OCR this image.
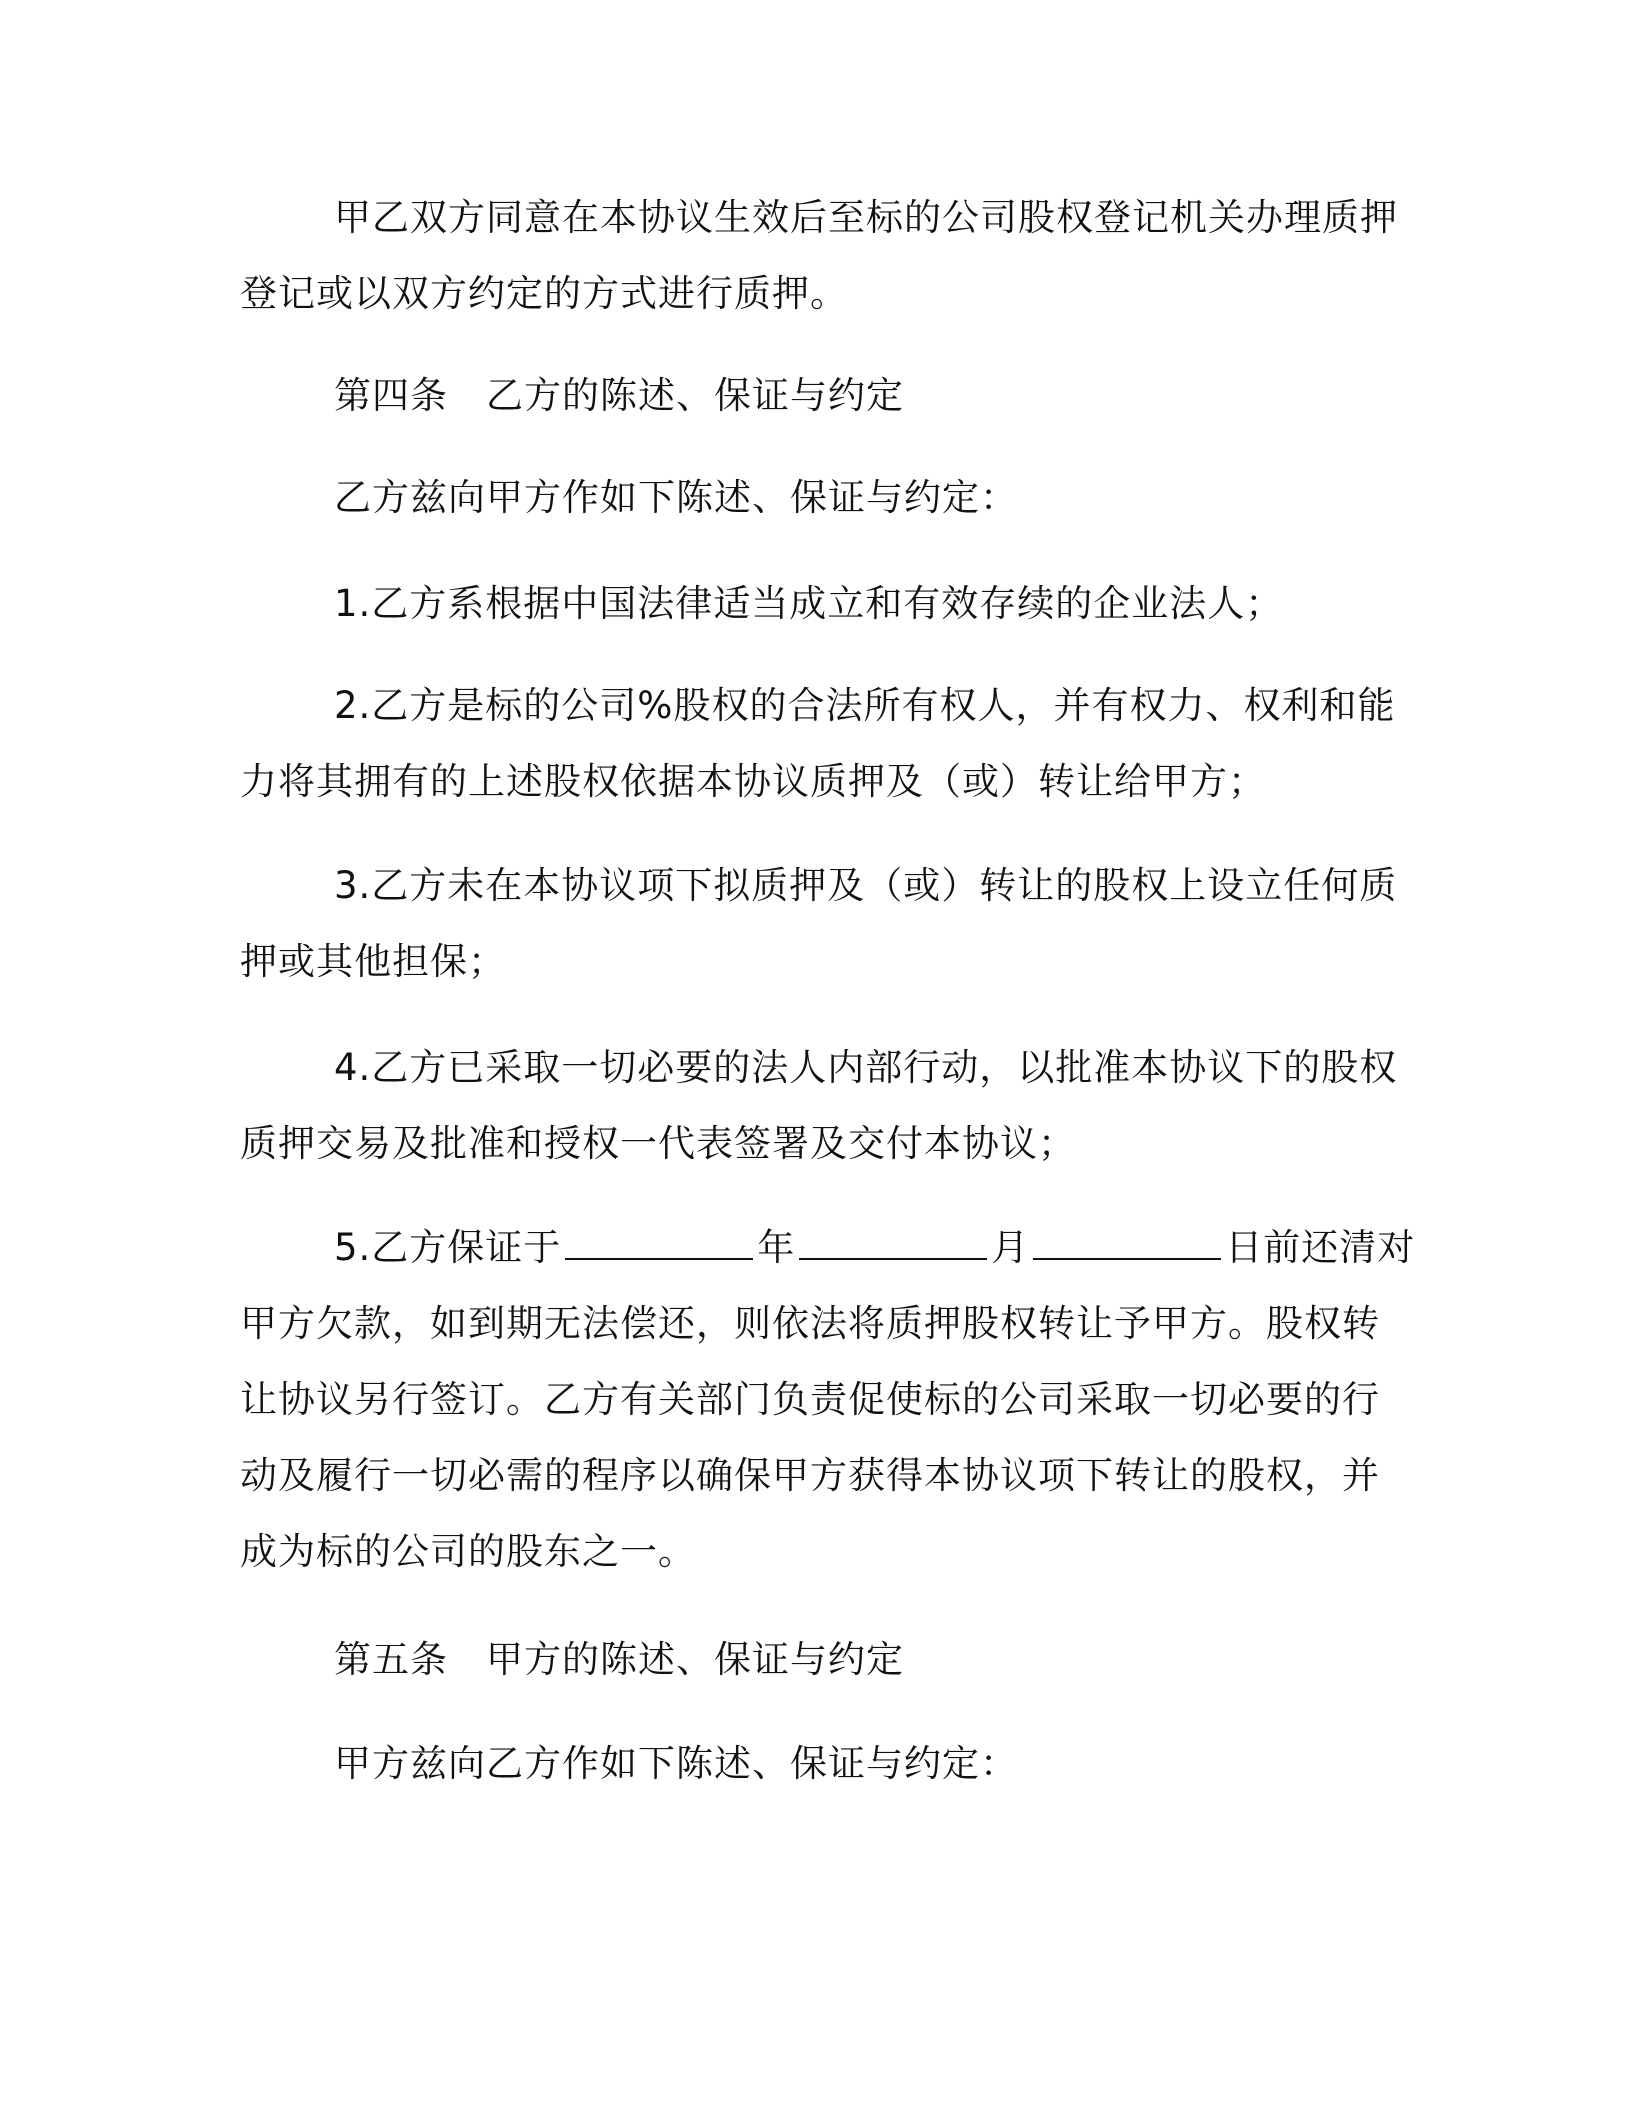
甲乙双方同意在本协议生效后至标的公司股权登记机关办理质押
登记或以双方约定的方式进行质押。
第四条　乙方的陈述、保证与约定
乙方兹向甲方作如下陈述、保证与约定：
1.乙方系根据中国法律适当成立和有效存续的企业法人；
2.乙方是标的公司%股权的合法所有权人，并有权力、权利和能
力将其拥有的上述股权依据本协议质押及（或）转让给甲方；
3.乙方未在本协议项下拟质押及（或）转让的股权上设立任何质
押或其他担保；
4.乙方已采取一切必要的法人内部行动，以批准本协议下的股权
质押交易及批准和授权一代表签署及交付本协议；
5.乙方保证于	年	月	日前还清对
甲方欠款，如到期无法偿还，则依法将质押股权转让予甲方。股权转
让协议另行签订。乙方有关部门负责促使标的公司采取一切必要的行
动及履行一切必需的程序以确保甲方获得本协议项下转让的股权，并
成为标的公司的股东之一。
第五条　甲方的陈述、保证与约定
甲方兹向乙方作如下陈述、保证与约定：
